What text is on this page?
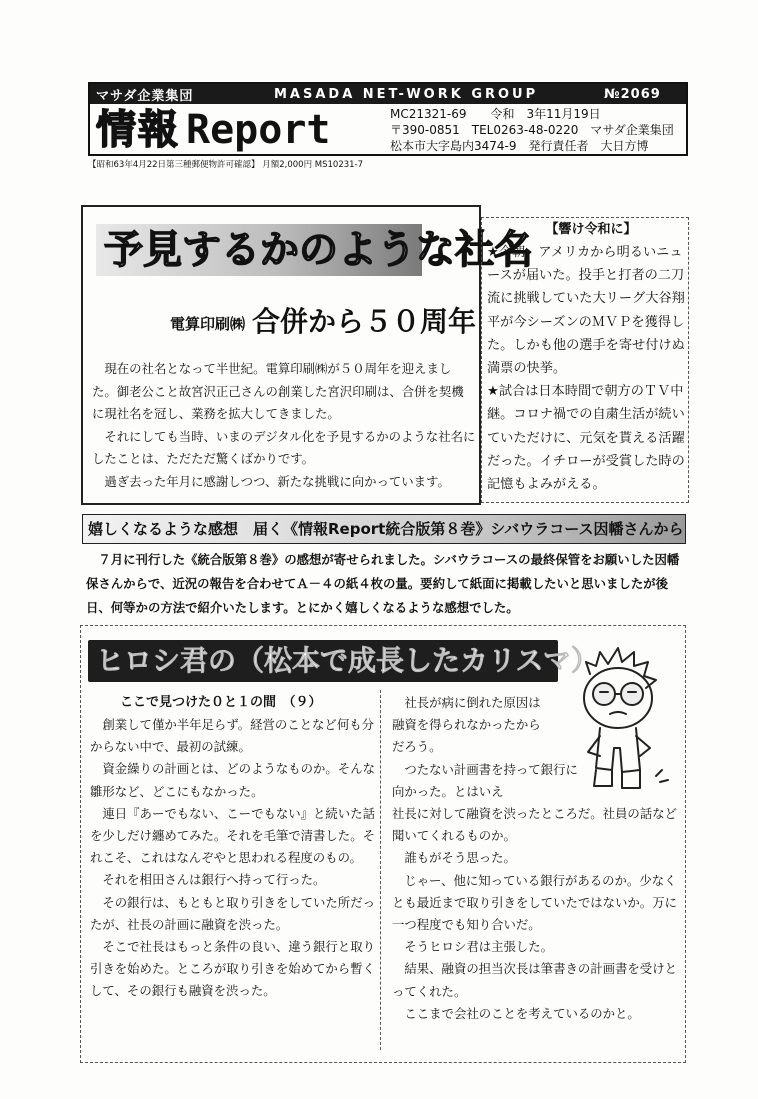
マサダ企業集団	MASADA NET-WORK GROUP	№2069
情報 Report	MC21321-69　　令和　3年11月19日
〒390-0851　TEL0263-48-0220　マサダ企業集団
松本市大字島内3474-9　発行責任者　大日方博
【昭和63年4月22日第三種郵便物許可確認】 月額2,000円 MS10231-7
予見するかのような社名
電算印刷㈱ 合併から５０周年

現在の社名となって半世紀。電算印刷㈱が５０周年を迎えました。御老公こと故宮沢正己さんの創業した宮沢印刷は、合併を契機に現社名を冠し、業務を拡大してきました。

それにしても当時、いまのデジタル化を予見するかのような社名にしたことは、ただただ驚くばかりです。

過ぎ去った年月に感謝しつつ、新たな挑戦に向かっています。

【響け令和に】

★今朝、アメリカから明るいニュースが届いた。投手と打者の二刀流に挑戦していた大リーグ大谷翔平が今シーズンのＭＶＰを獲得した。しかも他の選手を寄せ付けぬ満票の快挙。

★試合は日本時間で朝方のＴＶ中継。コロナ禍での自粛生活が続いていただけに、元気を貰える活躍だった。イチローが受賞した時の記憶もよみがえる。

嬉しくなるような感想　届く《情報Report統合版第８巻》シバウラコース因幡さんから

７月に刊行した《統合版第８巻》の感想が寄せられました。シバウラコースの最終保管をお願いした因幡保さんからで、近況の報告を合わせてＡ－４の紙４枚の量。要約して紙面に掲載したいと思いましたが後日、何等かの方法で紹介いたします。とにかく嬉しくなるような感想でした。

ヒロシ君の（松本で成長したカリスマ）
ここで見つけた０と１の間　（９）

創業して僅か半年足らず。経営のことなど何も分からない中で、最初の試練。

資金繰りの計画とは、どのようなものか。そんな雛形など、どこにもなかった。

連日『あーでもない、こーでもない』と続いた話を少しだけ纏めてみた。それを毛筆で清書した。それこそ、これはなんぞやと思われる程度のもの。

それを相田さんは銀行へ持って行った。

その銀行は、もともと取り引きをしていた所だったが、社長の計画に融資を渋った。

そこで社長はもっと条件の良い、違う銀行と取り引きを始めた。ところが取り引きを始めてから暫くして、その銀行も融資を渋った。

社長が病に倒れた原因は融資を得られなかったからだろう。

つたない計画書を持って銀行に向かった。とはいえ

社長に対して融資を渋ったところだ。社員の話など聞いてくれるものか。

誰もがそう思った。

じゃー、他に知っている銀行があるのか。少なくとも最近まで取り引きをしていたではないか。万に一つ程度でも知り合いだ。

そうヒロシ君は主張した。

結果、融資の担当次長は筆書きの計画書を受けとってくれた。

ここまで会社のことを考えているのかと。
